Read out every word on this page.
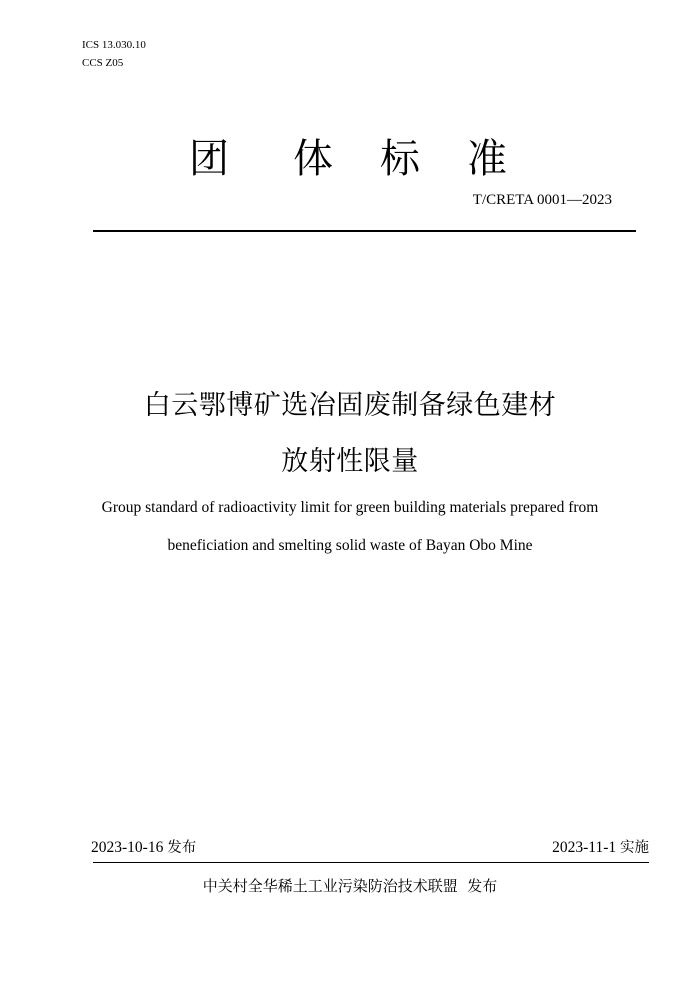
ICS 13.030.10
CCS Z05
团 体 标 准
T/CRETA 0001—2023
白云鄂博矿选冶固废制备绿色建材
放射性限量
Group standard of radioactivity limit for green building materials prepared from
beneficiation and smelting solid waste of Bayan Obo Mine
2023-10-16 发布	2023-11-1 实施
中关村全华稀土工业污染防治技术联盟 发布
